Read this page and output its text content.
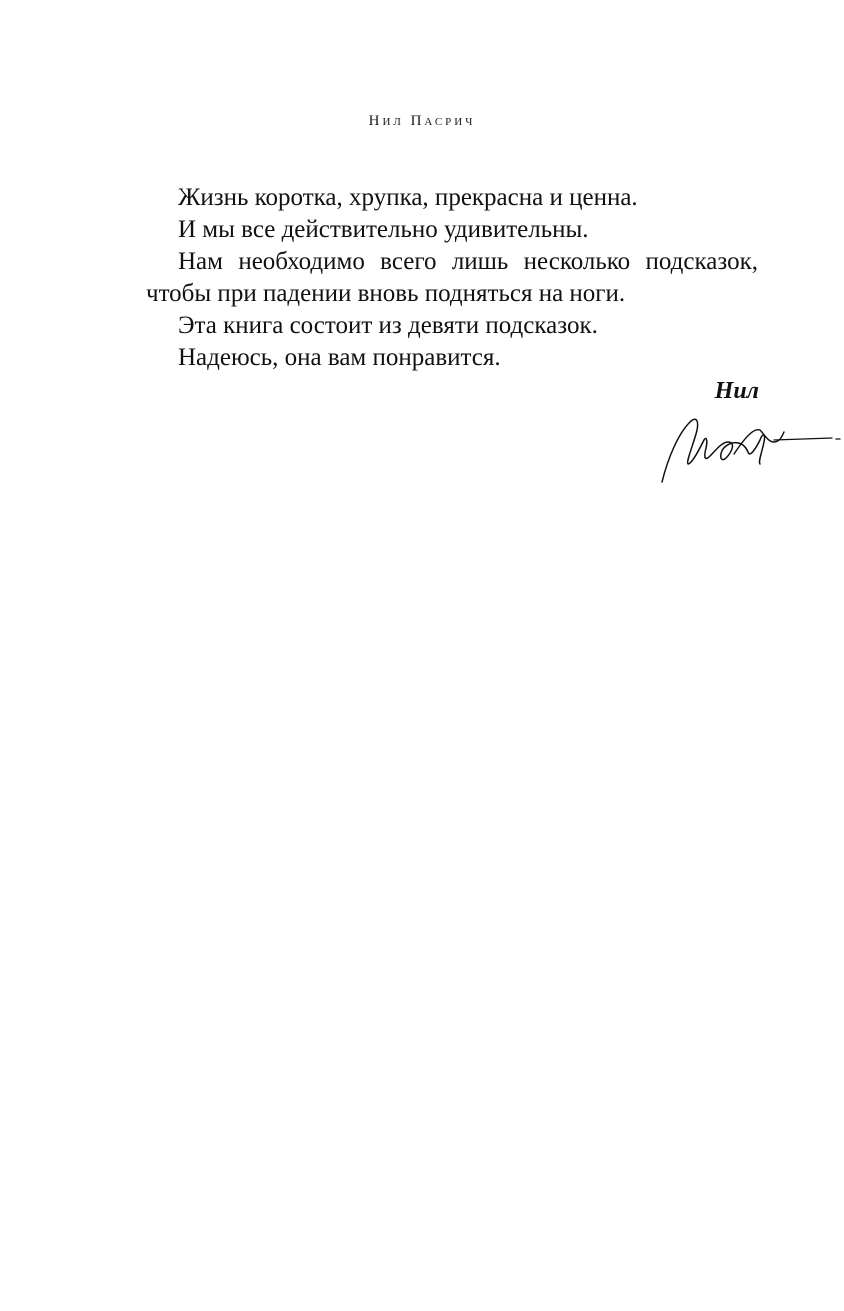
Нил Пасрич

Жизнь коротка, хрупка, прекрасна и ценна.

И мы все действительно удивительны.

Нам необходимо всего лишь несколько подсказок,

чтобы при падении вновь подняться на ноги.

Эта книга состоит из девяти подсказок.

Надеюсь, она вам понравится.

Нил
